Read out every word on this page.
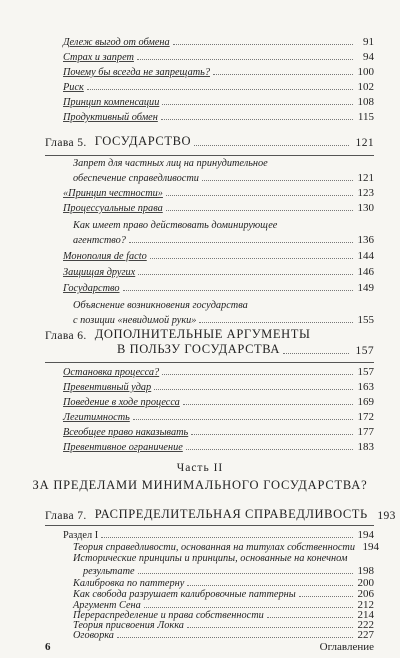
Дележ выгод от обмена	91
Страх и запрет	94
Почему бы всегда не запрещать?	100
Риск	102
Принцип компенсации	108
Продуктивный обмен	115
Глава 5. ГОСУДАРСТВО	121
Запрет для частных лиц на принудительное
обеспечение справедливости	121
«Принцип честности»	123
Процессуальные права	130
Как имеет право действовать доминирующее
агентство?	136
Монополия de facto	144
Защищая других	146
Государство	149
Объяснение возникновения государства
с позиции «невидимой руки»	155
Глава 6. ДОПОЛНИТЕЛЬНЫЕ АРГУМЕНТЫ
В ПОЛЬЗУ ГОСУДАРСТВА	157
Остановка процесса?	157
Превентивный удар	163
Поведение в ходе процесса	169
Легитимность	172
Всеобщее право наказывать	177
Превентивное ограничение	183
Часть II
ЗА ПРЕДЕЛАМИ МИНИМАЛЬНОГО ГОСУДАРСТВА?
Глава 7. РАСПРЕДЕЛИТЕЛЬНАЯ СПРАВЕДЛИВОСТЬ 193
Раздел I	194
Теория справедливости, основанная на титулах собственности 194
Исторические принципы и принципы, основанные на конечном
результате	198
Калибровка по паттерну	200
Как свобода разрушает калибровочные паттерны	206
6	Оглавление
Аргумент Сена	212
Перераспределение и права собственности	214
Теория присвоения Локка	222
Оговорка	227
